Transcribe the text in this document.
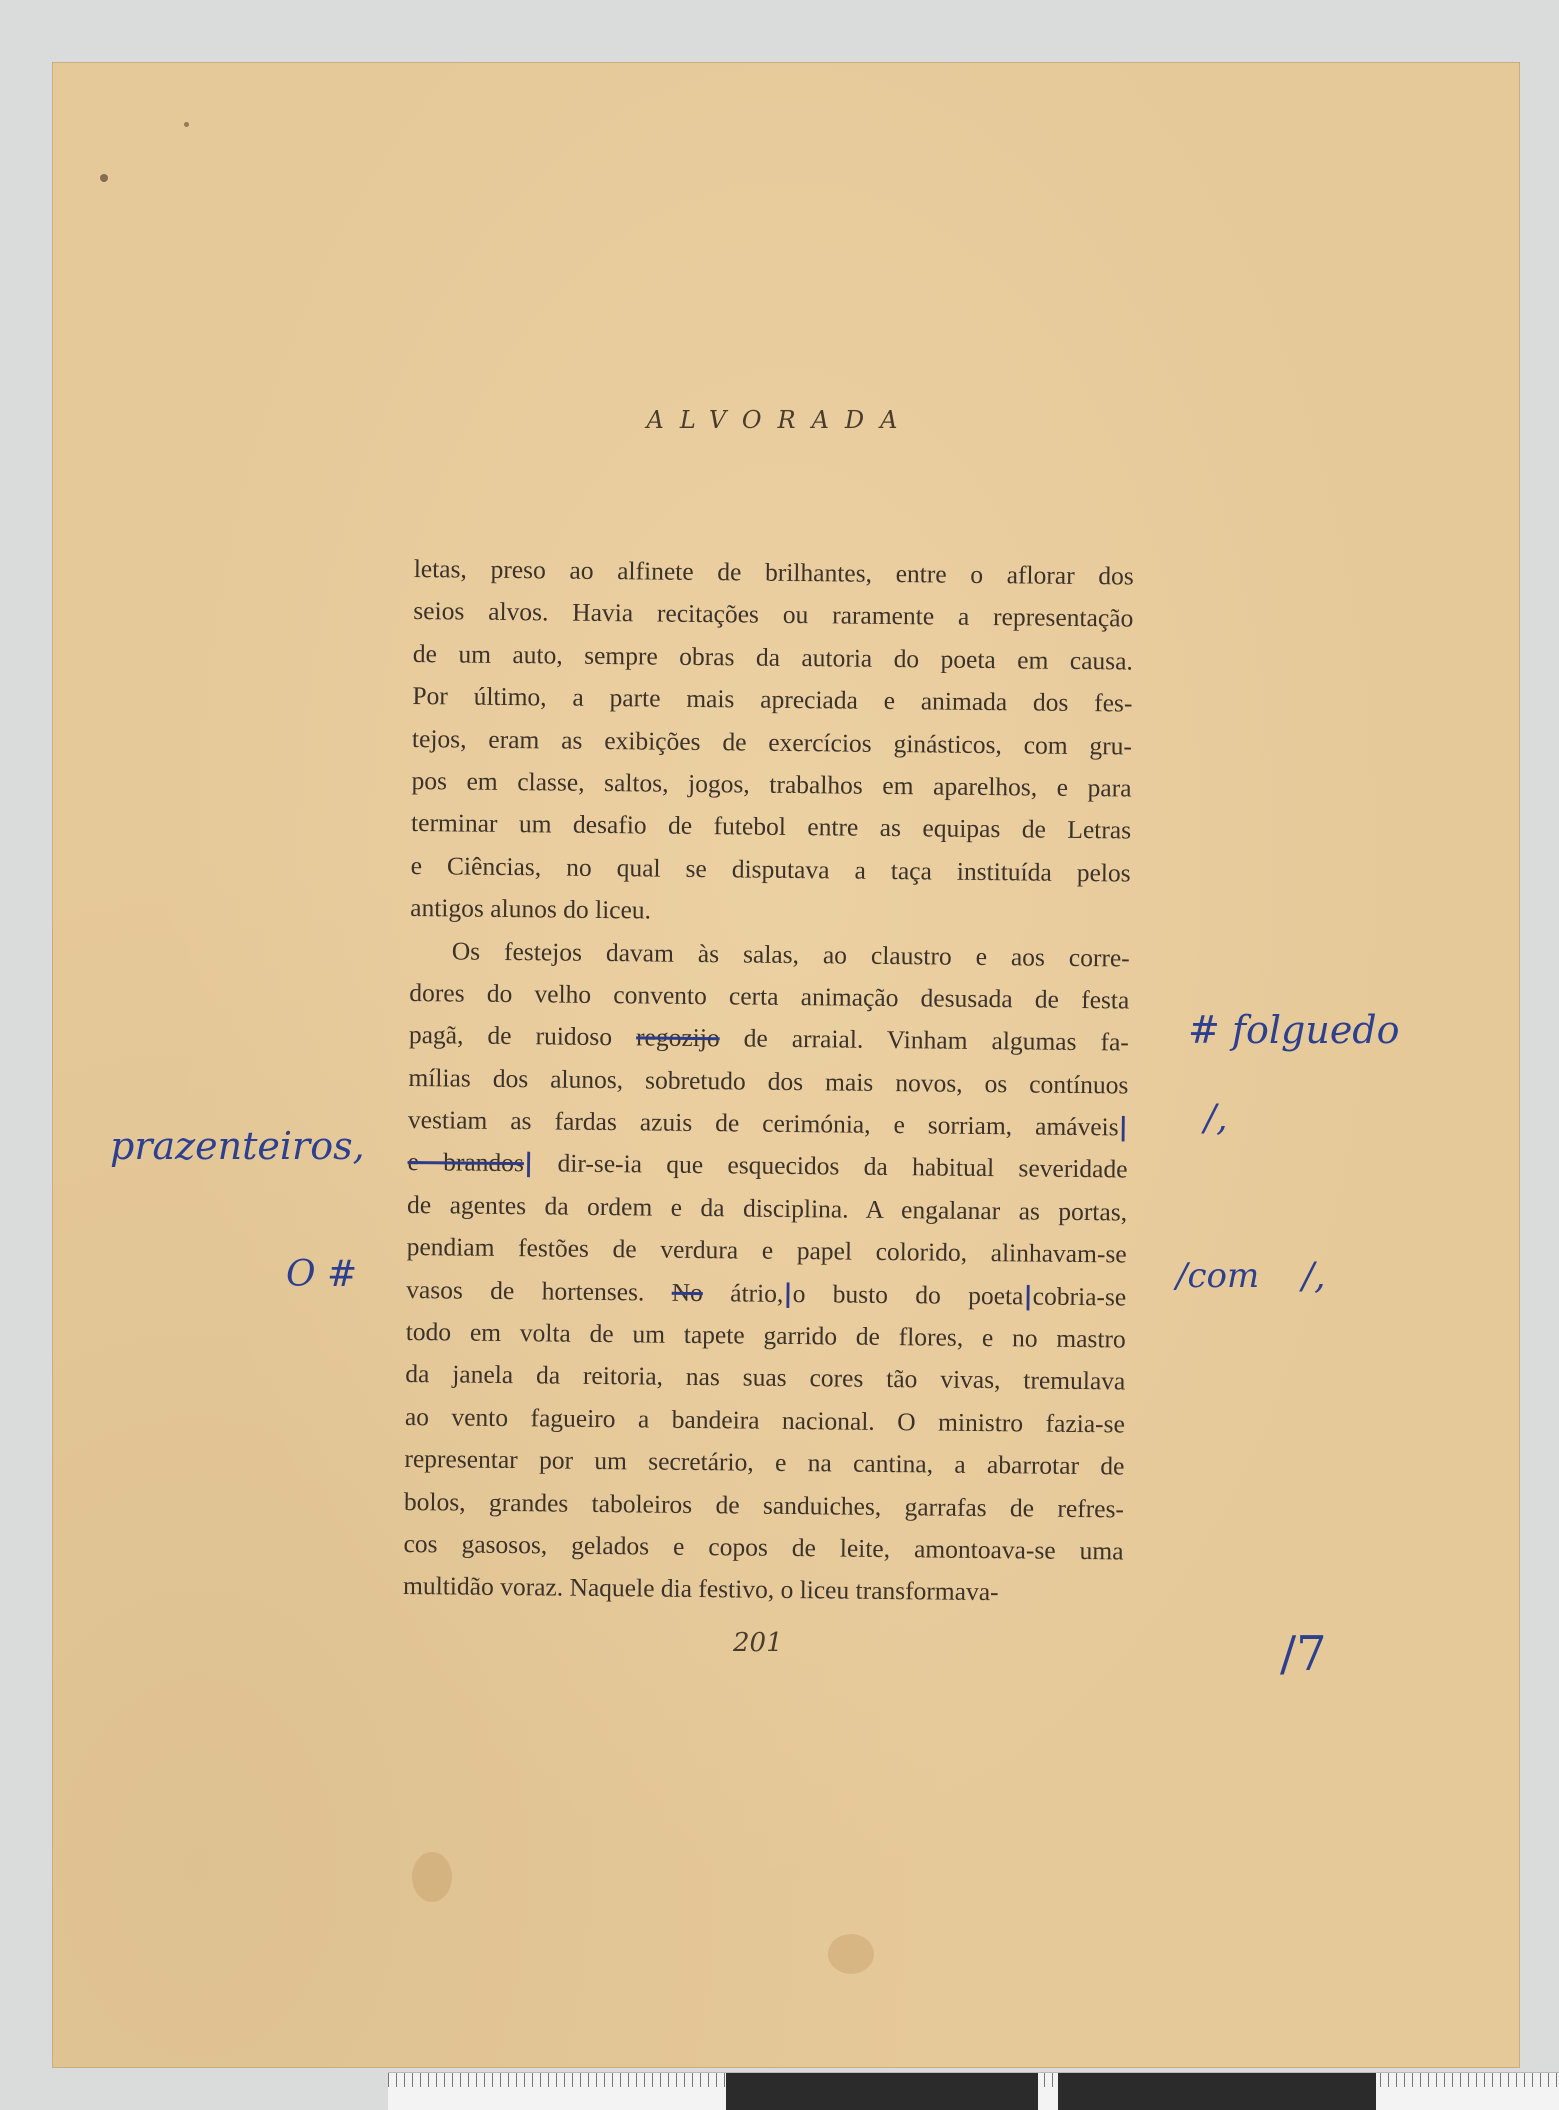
ALVORADA
letas, preso ao alfinete de brilhantes, entre o aflorar dos
seios alvos. Havia recitações ou raramente a representação
de um auto, sempre obras da autoria do poeta em causa.
Por último, a parte mais apreciada e animada dos fes-
tejos, eram as exibições de exercícios ginásticos, com gru-
pos em classe, saltos, jogos, trabalhos em aparelhos, e para
terminar um desafio de futebol entre as equipas de Letras
e Ciências, no qual se disputava a taça instituída pelos
antigos alunos do liceu.
Os festejos davam às salas, ao claustro e aos corre-
dores do velho convento certa animação desusada de festa
pagã, de ruidoso regozijo de arraial. Vinham algumas fa-
mílias dos alunos, sobretudo dos mais novos, os contínuos
vestiam as fardas azuis de cerimónia, e sorriam, amáveis|
e brandos| dir-se-ia que esquecidos da habitual severidade
de agentes da ordem e da disciplina. A engalanar as portas,
pendiam festões de verdura e papel colorido, alinhavam-se
vasos de hortenses. No átrio,|o busto do poeta|cobria-se
todo em volta de um tapete garrido de flores, e no mastro
da janela da reitoria, nas suas cores tão vivas, tremulava
ao vento fagueiro a bandeira nacional. O ministro fazia-se
representar por um secretário, e na cantina, a abarrotar de
bolos, grandes taboleiros de sanduiches, garrafas de refres-
cos gasosos, gelados e copos de leite, amontoava-se uma
multidão voraz. Naquele dia festivo, o liceu transformava-
# folguedo
/,
prazenteiros,
O #	/com /,
/7
201
